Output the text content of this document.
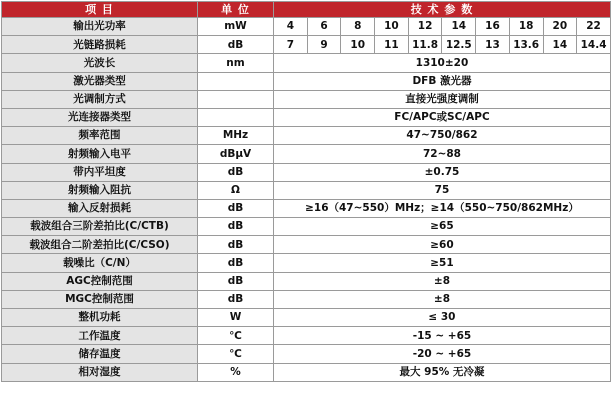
项 目	单 位	技 术 参 数									
输出光功率	mW	4	6	8	10	12	14	16	18	20	22
光链路损耗	dB	7	9	10	11	11.8	12.5	13	13.6	14	14.4
光波长	nm	1310±20									
激光器类型		DFB 激光器									
光调制方式		直接光强度调制									
光连接器类型		FC/APC或SC/APC									
频率范围	MHz	47~750/862									
射频输入电平	dBμV	72~88									
带内平坦度	dB	±0.75									
射频输入阻抗	Ω	75									
输入反射损耗	dB	≥16（47~550）MHz；≥14（550~750/862MHz）									
载波组合三阶差拍比(C/CTB)	dB	≥65									
载波组合二阶差拍比(C/CSO)	dB	≥60									
载噪比（C/N）	dB	≥51									
AGC控制范围	dB	±8									
MGC控制范围	dB	±8									
整机功耗	W	≤ 30									
工作温度	℃	-15 ~ +65									
储存温度	℃	-20 ~ +65									
相对湿度	%	最大 95% 无冷凝									
